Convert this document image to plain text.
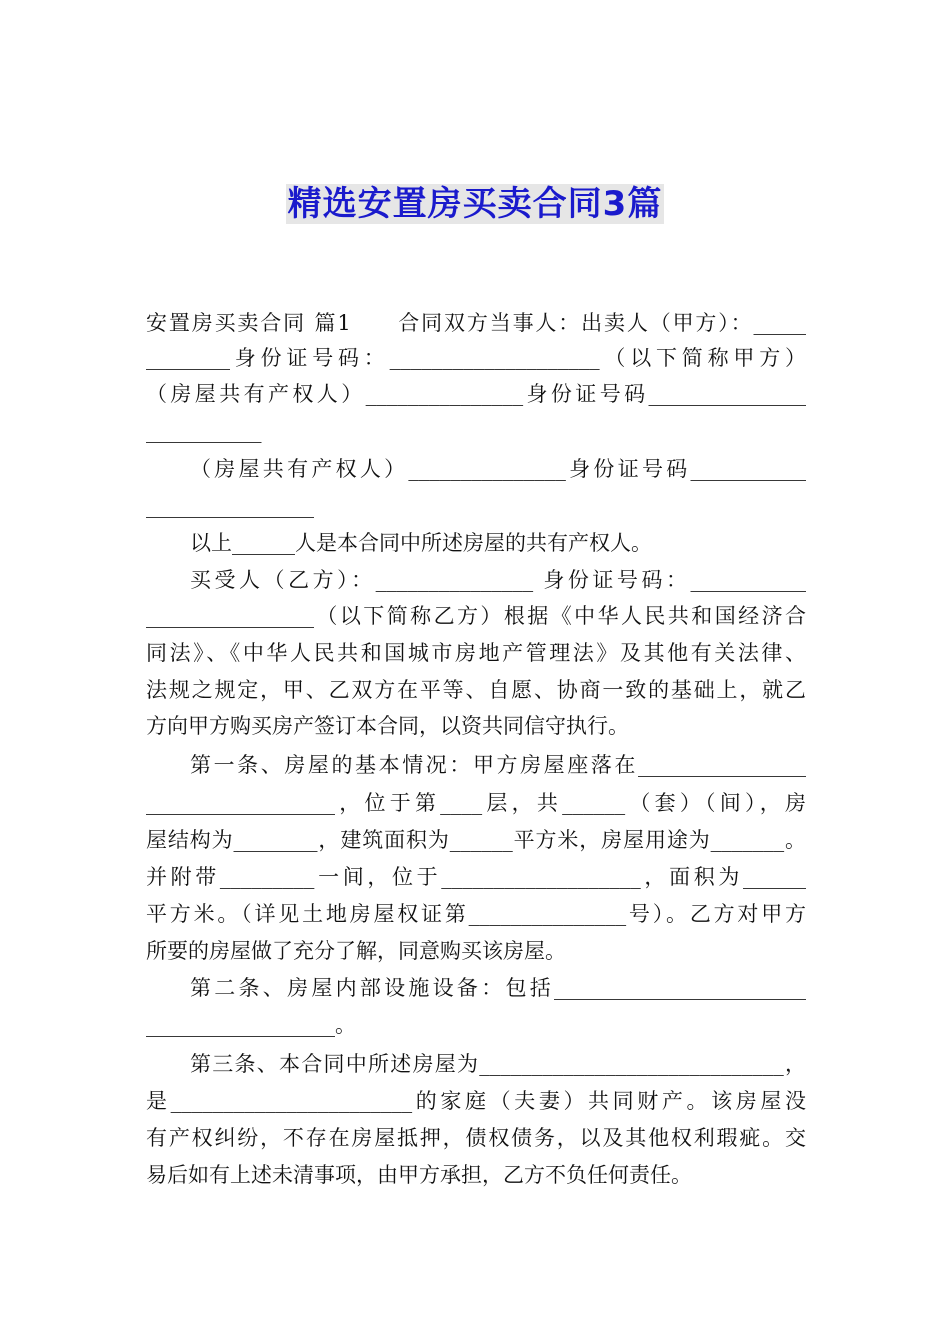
精选安置房买卖合同3篇
安置房买卖合同 篇1　　合同双方当事人：出卖人（甲方）：_____
________身份证号码：____________________（以下简称甲方）
（房屋共有产权人）_______________身份证号码_______________
___________
（房屋共有产权人）_______________身份证号码___________
________________
以上______人是本合同中所述房屋的共有产权人。
买受人（乙方）：_______________ 身份证号码：___________
________________（以下简称乙方）根据《中华人民共和国经济合
同法》、《中华人民共和国城市房地产管理法》及其他有关法律、
法规之规定，甲、乙双方在平等、自愿、协商一致的基础上，就乙
方向甲方购买房产签订本合同，以资共同信守执行。
第一条、房屋的基本情况：甲方房屋座落在________________
__________________，位于第____层，共______（套）（间），房
屋结构为________，建筑面积为______平方米，房屋用途为_______。
并附带_________一间，位于___________________，面积为______
平方米。（详见土地房屋权证第_______________号）。乙方对甲方
所要的房屋做了充分了解，同意购买该房屋。
第二条、房屋内部设施设备：包括________________________
__________________。
第三条、本合同中所述房屋为_____________________________，
是_______________________的家庭（夫妻）共同财产。该房屋没
有产权纠纷，不存在房屋抵押，债权债务，以及其他权利瑕疵。交
易后如有上述未清事项，由甲方承担，乙方不负任何责任。
